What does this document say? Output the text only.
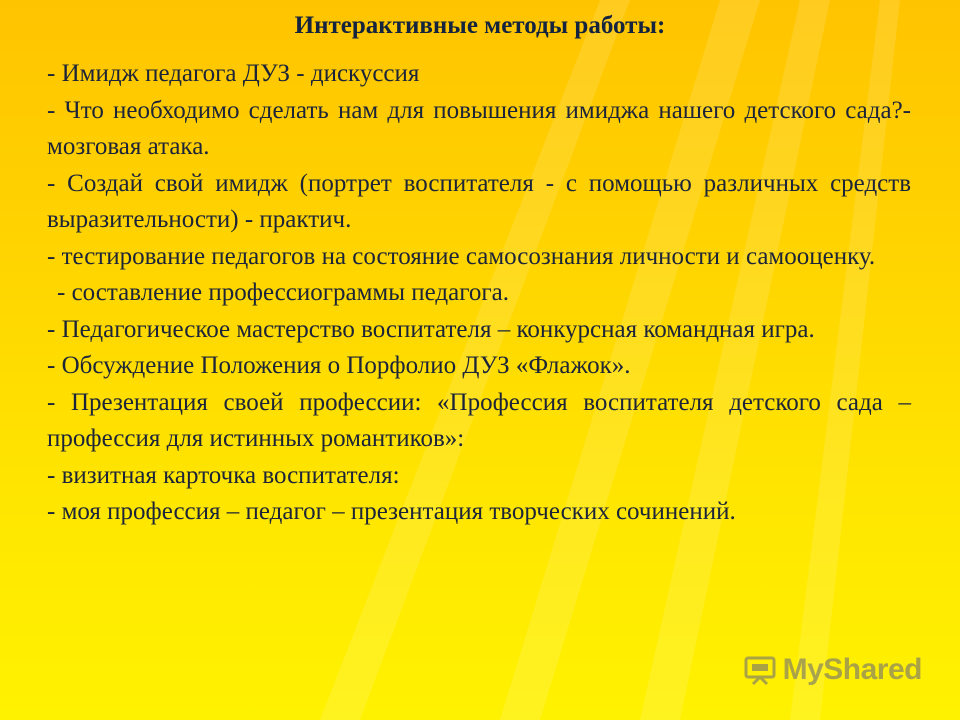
Интерактивные методы работы:
- Имидж педагога ДУЗ - дискуссия
- Что необходимо сделать нам для повышения имиджа нашего детского сада?- мозговая атака.
- Создай свой имидж (портрет воспитателя - с помощью различных средств выразительности) - практич.
- тестирование педагогов на состояние самосознания личности и самооценку.
- составление профессиограммы педагога.
- Педагогическое мастерство воспитателя – конкурсная командная игра.
- Обсуждение Положения о Порфолио ДУЗ «Флажок».
- Презентация своей профессии: «Профессия воспитателя детского сада – профессия для истинных романтиков»:
- визитная карточка воспитателя:
- моя профессия – педагог – презентация творческих сочинений.
MyShared
